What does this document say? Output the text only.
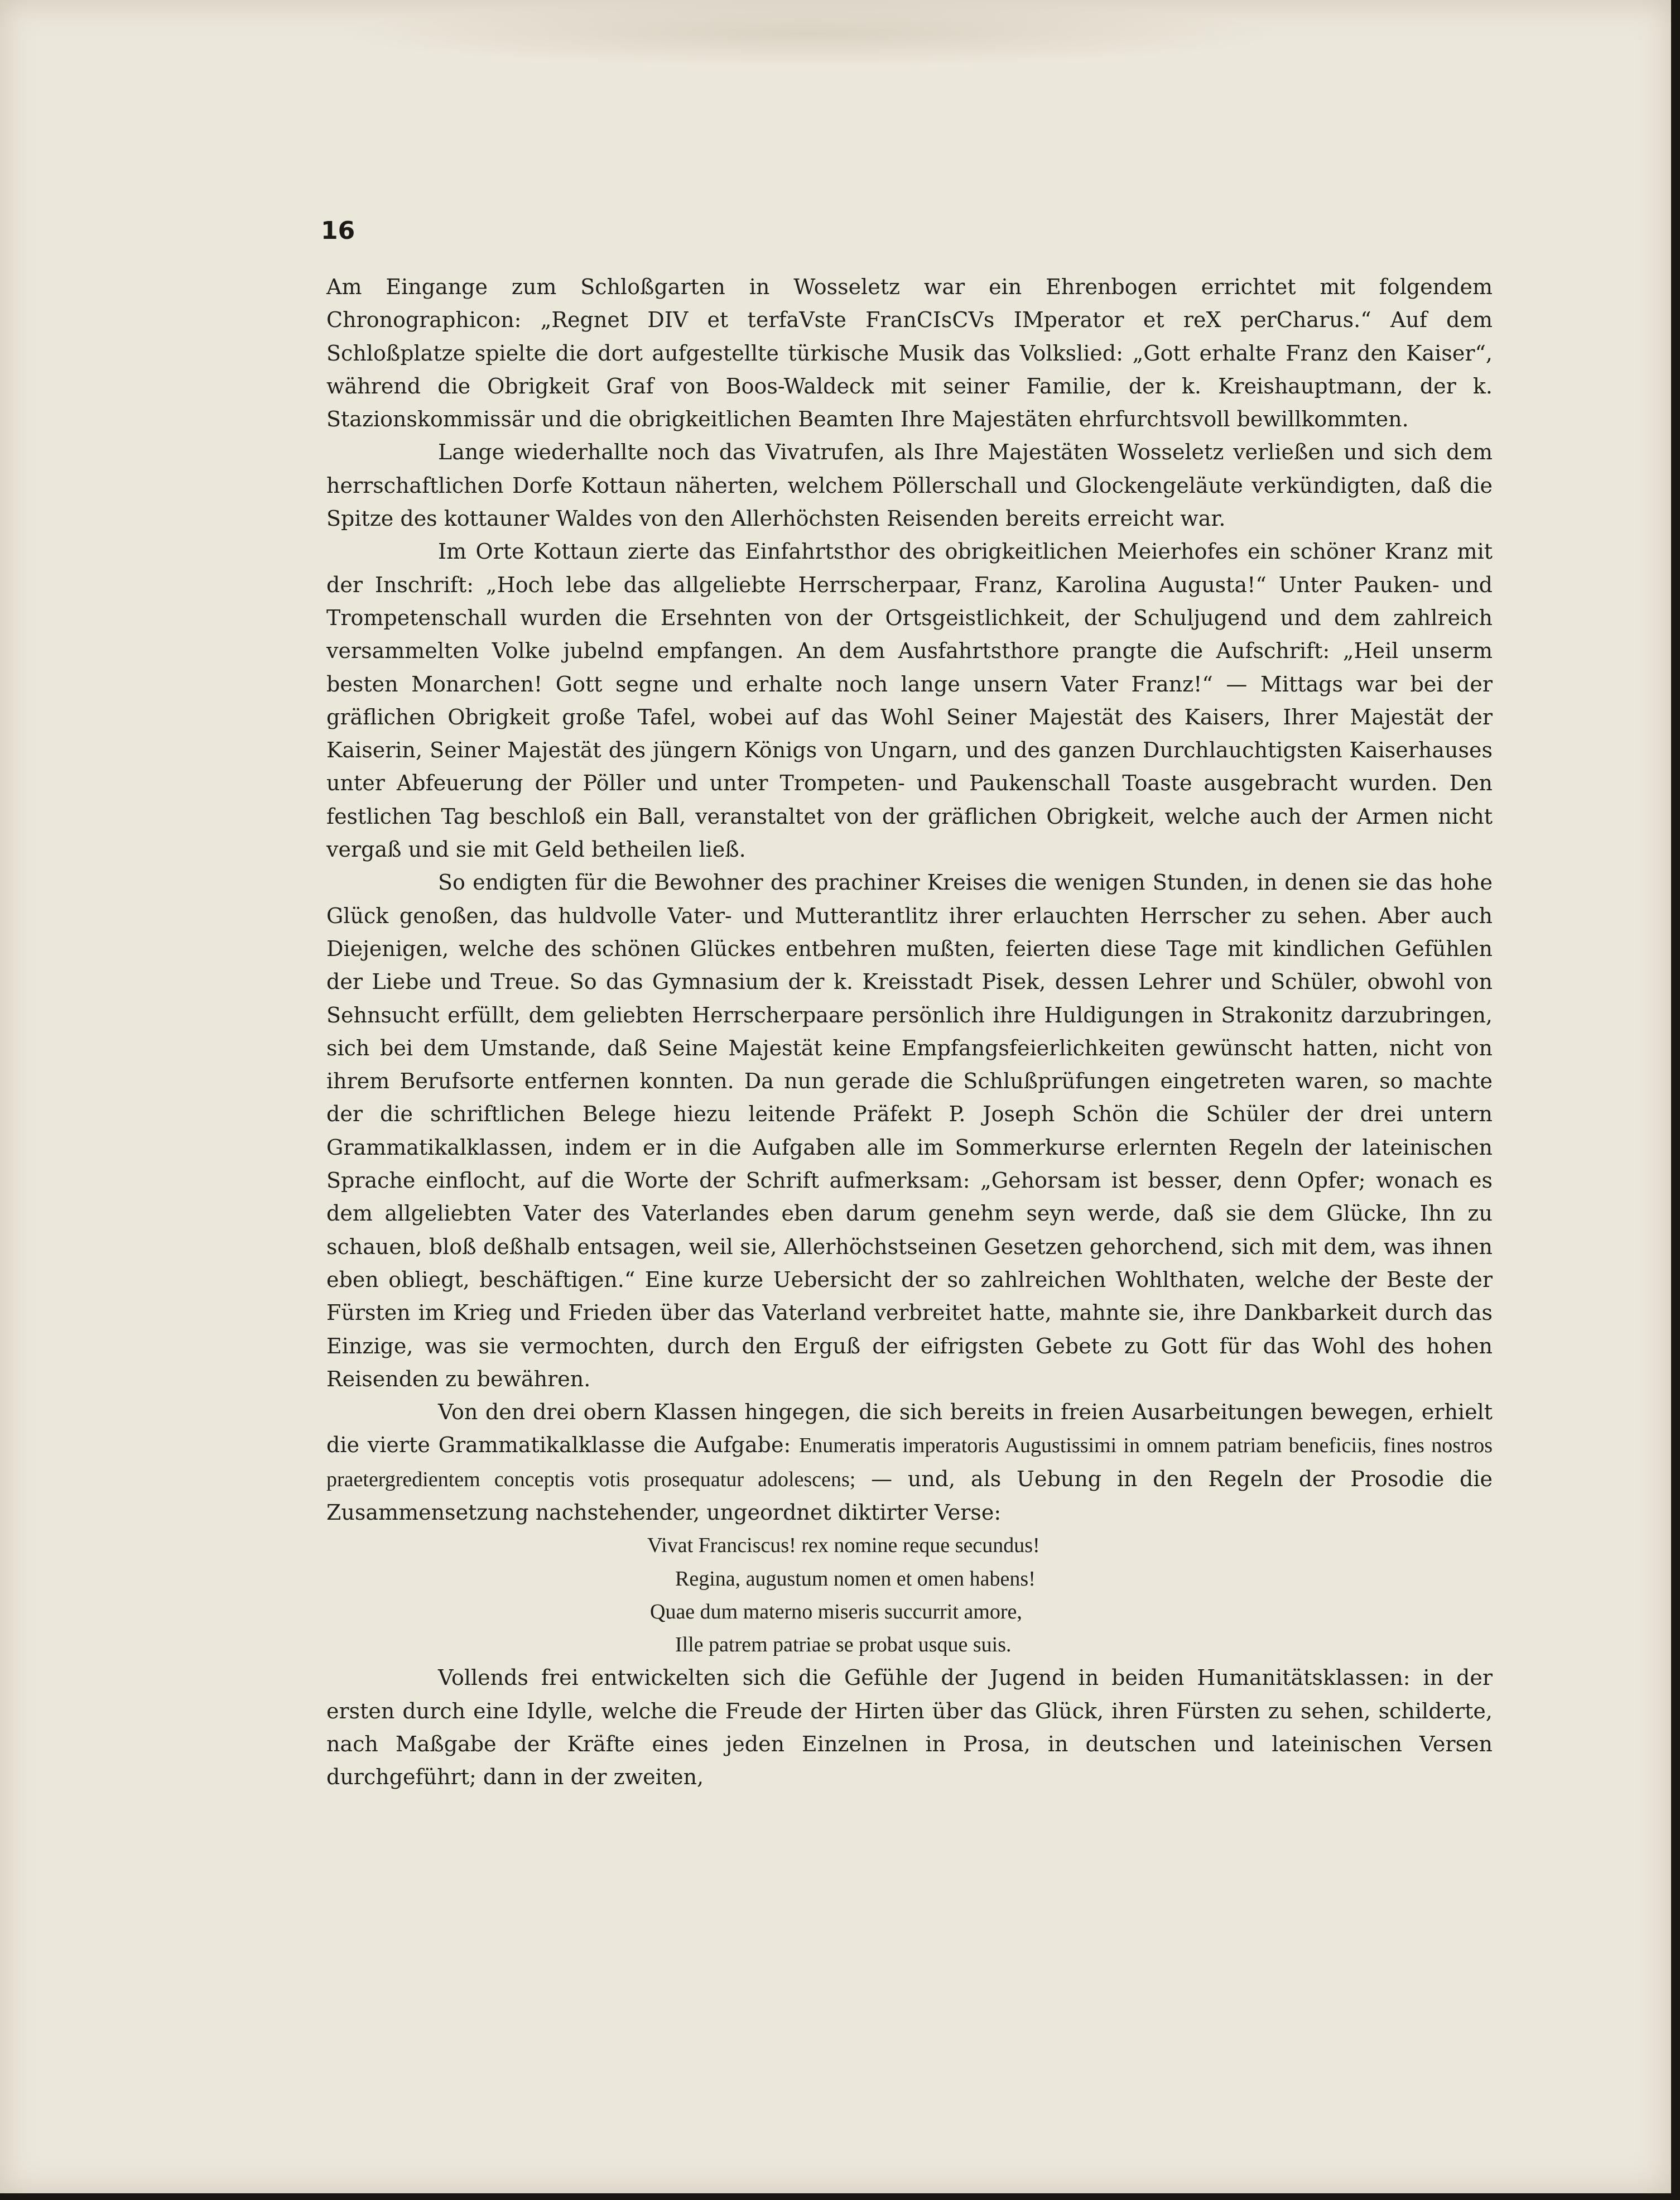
16

Am Eingange zum Schloßgarten in Wosseletz war ein Ehrenbogen errichtet mit folgendem Chronographicon: „Regnet DIV et terfaVste FranCIsCVs IMperator et reX perCharus.“ Auf dem Schloßplatze spielte die dort aufgestellte türkische Musik das Volkslied: „Gott erhalte Franz den Kaiser“, während die Obrigkeit Graf von Boos-Waldeck mit seiner Familie, der k. Kreishauptmann, der k. Stazionskommissär und die obrigkeitlichen Beamten Ihre Majestäten ehrfurchtsvoll bewillkommten.

Lange wiederhallte noch das Vivatrufen, als Ihre Majestäten Wosseletz verließen und sich dem herrschaftlichen Dorfe Kottaun näherten, welchem Pöllerschall und Glockengeläute verkündigten, daß die Spitze des kottauner Waldes von den Allerhöchsten Reisenden bereits erreicht war.

Im Orte Kottaun zierte das Einfahrtsthor des obrigkeitlichen Meierhofes ein schöner Kranz mit der Inschrift: „Hoch lebe das allgeliebte Herrscherpaar, Franz, Karolina Augusta!“ Unter Pauken- und Trompetenschall wurden die Ersehnten von der Ortsgeistlichkeit, der Schuljugend und dem zahlreich versammelten Volke jubelnd empfangen. An dem Ausfahrtsthore prangte die Aufschrift: „Heil unserm besten Monarchen! Gott segne und erhalte noch lange unsern Vater Franz!“ — Mittags war bei der gräflichen Obrigkeit große Tafel, wobei auf das Wohl Seiner Majestät des Kaisers, Ihrer Majestät der Kaiserin, Seiner Majestät des jüngern Königs von Ungarn, und des ganzen Durchlauchtigsten Kaiserhauses unter Abfeuerung der Pöller und unter Trompeten- und Paukenschall Toaste ausgebracht wurden. Den festlichen Tag beschloß ein Ball, veranstaltet von der gräflichen Obrigkeit, welche auch der Armen nicht vergaß und sie mit Geld betheilen ließ.

So endigten für die Bewohner des prachiner Kreises die wenigen Stunden, in denen sie das hohe Glück genoßen, das huldvolle Vater- und Mutterantlitz ihrer erlauchten Herrscher zu sehen. Aber auch Diejenigen, welche des schönen Glückes entbehren mußten, feierten diese Tage mit kindlichen Gefühlen der Liebe und Treue. So das Gymnasium der k. Kreisstadt Pisek, dessen Lehrer und Schüler, obwohl von Sehnsucht erfüllt, dem geliebten Herrscherpaare persönlich ihre Huldigungen in Strakonitz darzubringen, sich bei dem Umstande, daß Seine Majestät keine Empfangsfeierlichkeiten gewünscht hatten, nicht von ihrem Berufsorte entfernen konnten. Da nun gerade die Schlußprüfungen eingetreten waren, so machte der die schriftlichen Belege hiezu leitende Präfekt P. Joseph Schön die Schüler der drei untern Grammatikalklassen, indem er in die Aufgaben alle im Sommerkurse erlernten Regeln der lateinischen Sprache einflocht, auf die Worte der Schrift aufmerksam: „Gehorsam ist besser, denn Opfer; wonach es dem allgeliebten Vater des Vaterlandes eben darum genehm seyn werde, daß sie dem Glücke, Ihn zu schauen, bloß deßhalb entsagen, weil sie, Allerhöchstseinen Gesetzen gehorchend, sich mit dem, was ihnen eben obliegt, beschäftigen.“ Eine kurze Uebersicht der so zahlreichen Wohlthaten, welche der Beste der Fürsten im Krieg und Frieden über das Vaterland verbreitet hatte, mahnte sie, ihre Dankbarkeit durch das Einzige, was sie vermochten, durch den Erguß der eifrigsten Gebete zu Gott für das Wohl des hohen Reisenden zu bewähren.

Von den drei obern Klassen hingegen, die sich bereits in freien Ausarbeitungen bewegen, erhielt die vierte Grammatikalklasse die Aufgabe: Enumeratis imperatoris Augustissimi in omnem patriam beneficiis, fines nostros praetergredientem conceptis votis prosequatur adolescens; — und, als Uebung in den Regeln der Prosodie die Zusammensetzung nachstehender, ungeordnet diktirter Verse:

Vivat Franciscus! rex nomine reque secundus!
Regina, augustum nomen et omen habens!
Quae dum materno miseris succurrit amore,
Ille patrem patriae se probat usque suis.

Vollends frei entwickelten sich die Gefühle der Jugend in beiden Humanitätsklassen: in der ersten durch eine Idylle, welche die Freude der Hirten über das Glück, ihren Fürsten zu sehen, schilderte, nach Maßgabe der Kräfte eines jeden Einzelnen in Prosa, in deutschen und lateinischen Versen durchgeführt; dann in der zweiten,
